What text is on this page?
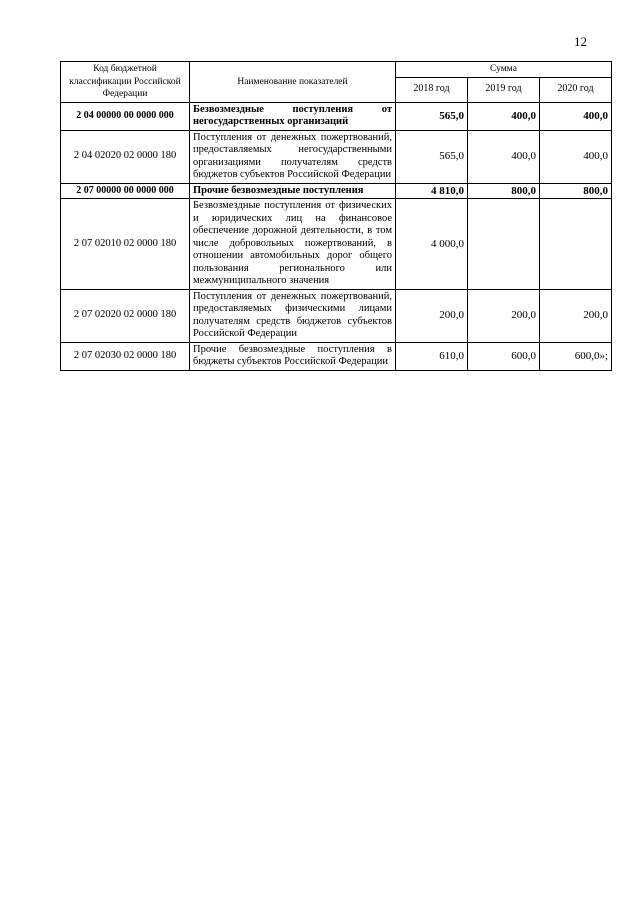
12
Код бюджетной классификации Российской Федерации	Наименование показателей	Сумма		
		2018 год	2019 год	2020 год
2 04 00000 00 0000 000	Безвозмездные поступления от негосударственных организаций	565,0	400,0	400,0
2 04 02020 02 0000 180	Поступления от денежных пожертвований, предоставляемых негосударственными организациями получателям средств бюджетов субъектов Российской Федерации	565,0	400,0	400,0
2 07 00000 00 0000 000	Прочие безвозмездные поступления	4 810,0	800,0	800,0
2 07 02010 02 0000 180	Безвозмездные поступления от физических и юридических лиц на финансовое обеспечение дорожной деятельности, в том числе добровольных пожертвований, в отношении автомобильных дорог общего пользования регионального или межмуниципального значения	4 000,0		
2 07 02020 02 0000 180	Поступления от денежных пожертвований, предоставляемых физическими лицами получателям средств бюджетов субъектов Российской Федерации	200,0	200,0	200,0
2 07 02030 02 0000 180	Прочие безвозмездные поступления в бюджеты субъектов Российской Федерации	610,0	600,0	600,0»;
